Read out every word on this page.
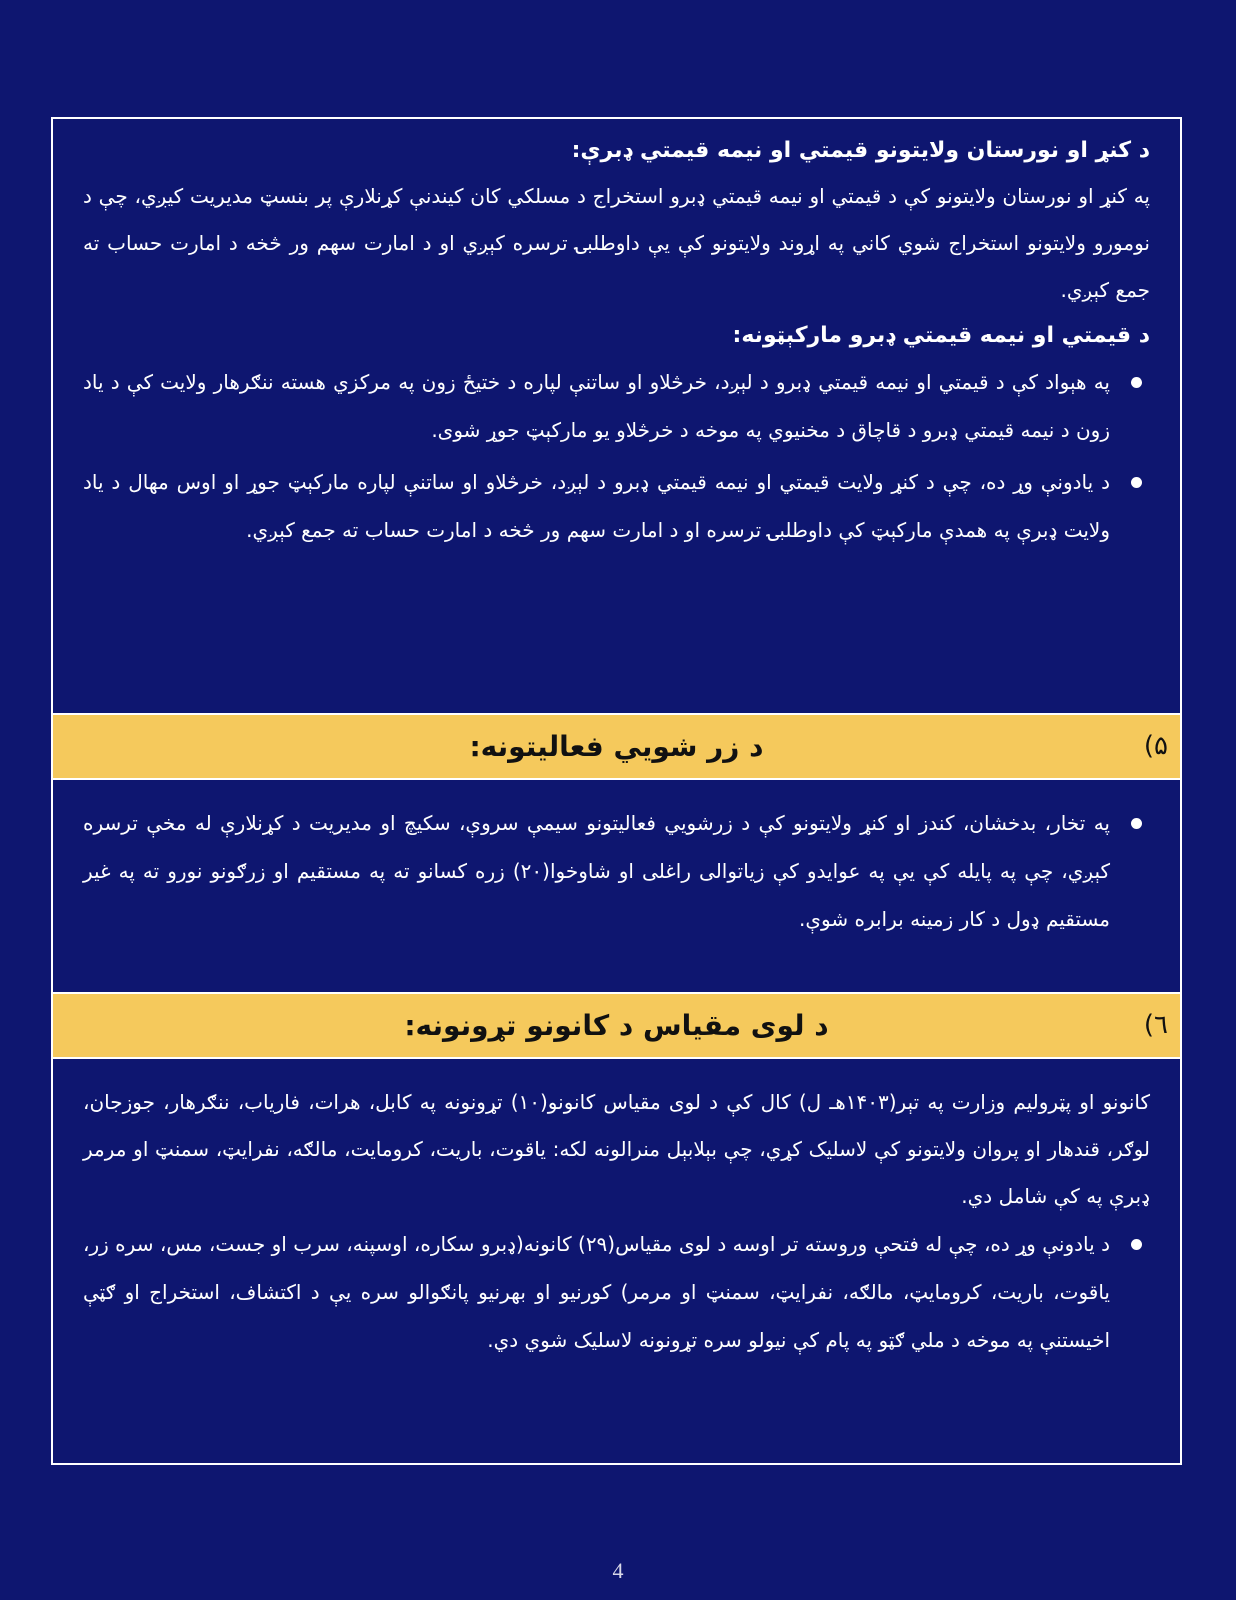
د کنړ او نورستان ولایتونو قیمتي او نیمه قیمتي ډبرې:

په کنړ او نورستان ولایتونو کې د قیمتي او نیمه قیمتي ډبرو استخراج د مسلکي کان کیندنې کړنلارې پر بنسټ مدیریت کیږي، چې د نومورو ولایتونو استخراج شوي کاني په اړوند ولایتونو کې یې داوطلبۍ ترسره کېږي او د امارت سهم ور څخه د امارت حساب ته جمع کېږي.

د قیمتي او نیمه قیمتي ډبرو مارکېټونه:

په هېواد کې د قیمتي او نیمه قیمتي ډبرو د لېږد، خرڅلاو او ساتنې لپاره د ختیځ زون په مرکزي هسته ننګرهار ولایت کې د یاد زون د نیمه قیمتي ډبرو د قاچاق د مخنیوي په موخه د خرڅلاو یو مارکېټ جوړ شوی.
د یادونې وړ ده، چې د کنړ ولایت قیمتي او نیمه قیمتي ډبرو د لېږد، خرڅلاو او ساتنې لپاره مارکېټ جوړ او اوس مهال د یاد ولایت ډبرې په همدې مارکېټ کې داوطلبۍ ترسره او د امارت سهم ور څخه د امارت حساب ته جمع کېږي.
۵)
د زر شویي فعالیتونه:
په تخار، بدخشان، کندز او کنړ ولایتونو کې د زرشویي فعالیتونو سیمې سروې، سکیچ او مدیریت د کړنلارې له مخې ترسره کېږي، چې په پایله کې یې په عوایدو کې زیاتوالی راغلی او شاوخوا(۲۰) زره کسانو ته په مستقیم او زرګونو نورو ته په غیر مستقیم ډول د کار زمینه برابره شوې.
٦)
د لوی مقیاس د کانونو تړونونه:

کانونو او پټرولیم وزارت په تېر(۱۴۰۳هـ ل) کال کې د لوی مقیاس کانونو(۱۰) تړونونه په کابل، هرات، فاریاب، ننګرهار، جوزجان، لوګر، قندهار او پروان ولایتونو کې لاسلیک کړي، چې بېلابېل منرالونه لکه: یاقوت، باریت، کرومایت، مالګه، نفرایټ، سمنټ او مرمر ډبرې په کې شامل دي.

د یادونې وړ ده، چې له فتحې وروسته تر اوسه د لوی مقیاس(۲۹) کانونه(ډبرو سکاره، اوسپنه، سرب او جست، مس، سره زر، یاقوت، باریت، کرومایټ، مالګه، نفرایټ، سمنټ او مرمر) کورنیو او بهرنیو پانګوالو سره یې د اکتشاف، استخراج او ګټې اخیستنې په موخه د ملي ګټو په پام کې نیولو سره تړونونه لاسلیک شوي دي.
4
